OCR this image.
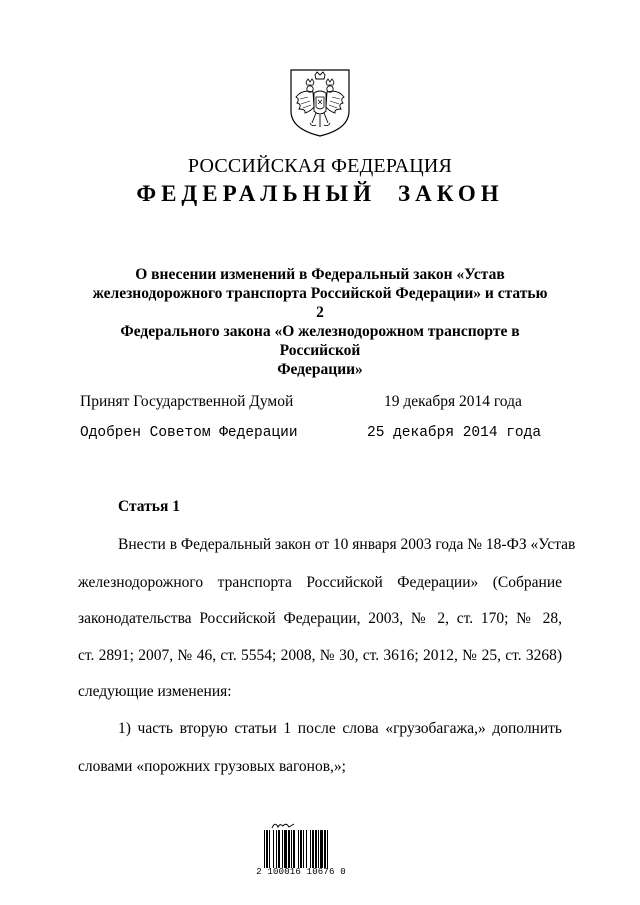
РОССИЙСКАЯ ФЕДЕРАЦИЯ
ФЕДЕРАЛЬНЫЙ ЗАКОН
О внесении изменений в Федеральный закон «Устав
железнодорожного транспорта Российской Федерации» и статью 2
Федерального закона «О железнодорожном транспорте в Российской
Федерации»
Принят Государственной Думой	19 декабря 2014 года
Одобрен Советом Федерации	25 декабря 2014 года
Статья 1
Внести в Федеральный закон от 10 января 2003 года № 18-ФЗ «Устав
железнодорожного транспорта Российской Федерации» (Собрание
законодательства Российской Федерации, 2003, № 2, ст. 170; № 28,
ст. 2891; 2007, № 46, ст. 5554; 2008, № 30, ст. 3616; 2012, № 25, ст. 3268)
следующие изменения:
1) часть вторую статьи 1 после слова «грузобагажа,» дополнить
словами «порожних грузовых вагонов,»;
2 100016 10676 0
